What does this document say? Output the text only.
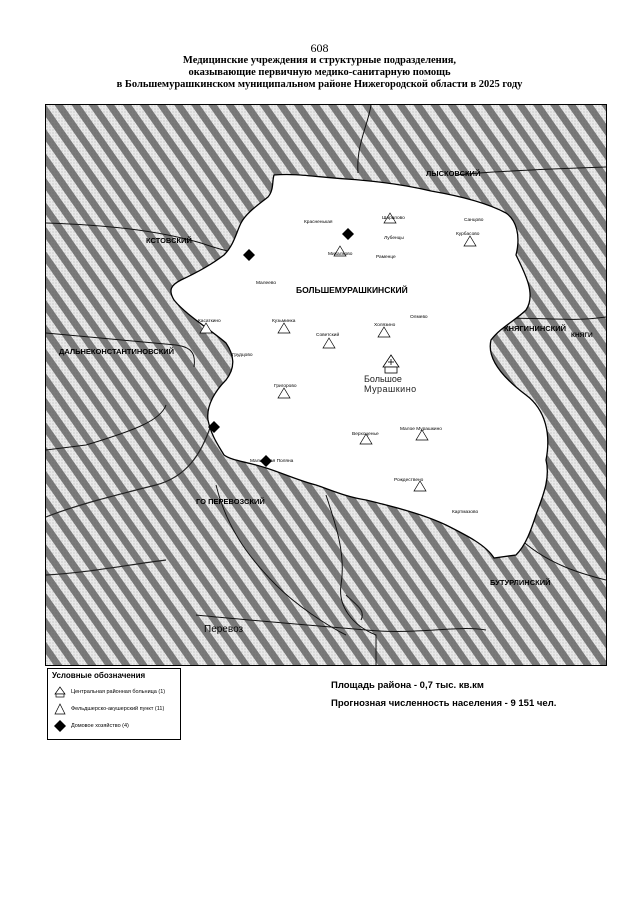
608
Медицинские учреждения и структурные подразделения,
оказывающие первичную медико-санитарную помощь
в Большемурашкинском муниципальном районе Нижегородской области в 2025 году
ЛЫСКОВСКИЙ
КСТОВСКИЙ
ДАЛЬНЕКОНСТАНТИНОВСКИЙ
КНЯГИНИНСКИЙ
КНЯГИ
ГО ПЕРЕВОЗСКИЙ
БУТУРЛИНСКИЙ
Перевоз
БОЛЬШЕМУРАШКИНСКИЙ
Большое
Мурашкино
Красненькая
Шарапово	Санцово
Лубенцы
Курбасово
Михалково
Раменце
Малеево
Касаткино	Кузьминка
Советский
Холязино
Олмево
Грудцово
Григорово
Верхоценье
Малое Мурашкино
Малиновая Поляна
Рождествено
Картмазово
Условные обозначения
Центральная районная больница (1)
Фельдшерско-акушерский пункт (11)
Домовое хозяйство (4)
Площадь района - 0,7 тыс. кв.км
Прогнозная численность населения - 9 151 чел.
